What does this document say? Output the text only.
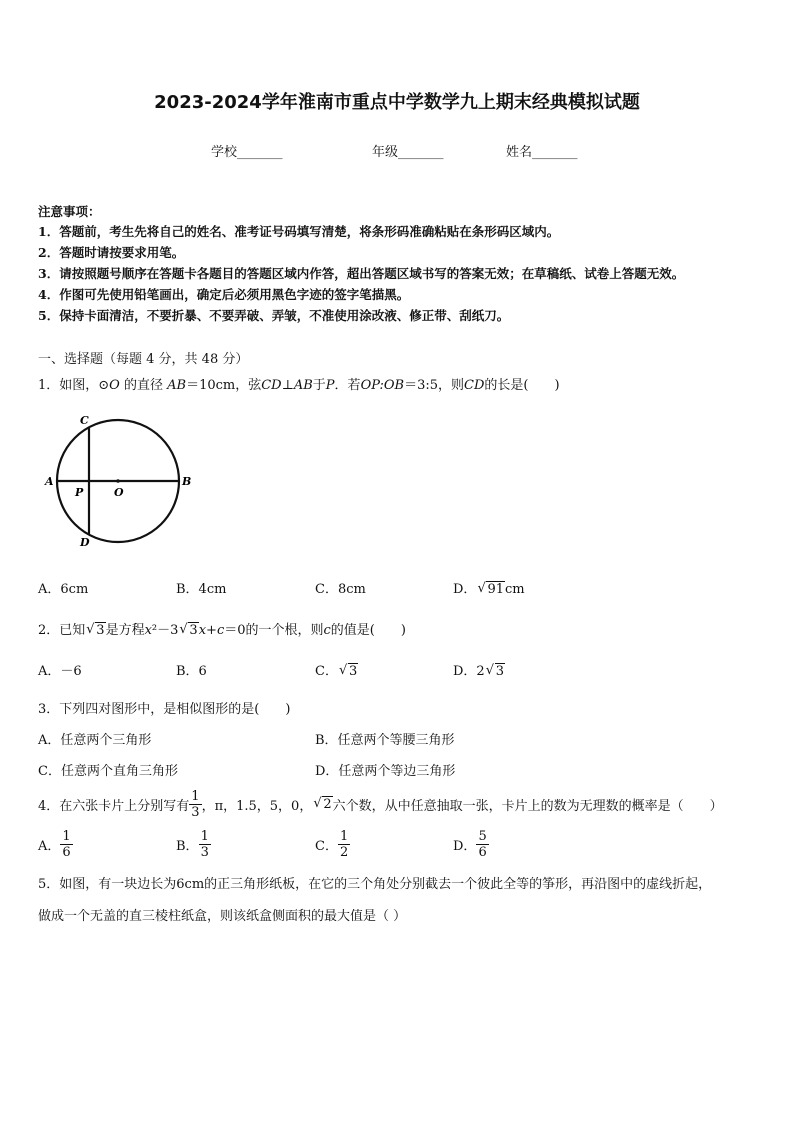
2023-2024学年淮南市重点中学数学九上期末经典模拟试题
学校_______	年级_______	姓名_______
注意事项：
1．答题前，考生先将自己的姓名、准考证号码填写清楚，将条形码准确粘贴在条形码区域内。
2．答题时请按要求用笔。
3．请按照题号顺序在答题卡各题目的答题区域内作答，超出答题区域书写的答案无效；在草稿纸、试卷上答题无效。
4．作图可先使用铅笔画出，确定后必须用黑色字迹的签字笔描黑。
5．保持卡面清洁，不要折暴、不要弄破、弄皱，不准使用涂改液、修正带、刮纸刀。
一、选择题（每题 4 分，共 48 分）
1．如图，⊙O 的直径 AB＝10cm，弦CD⊥AB于P．若OP:OB＝3:5，则CD的长是(　　)
A	B
C
D
O
P
A．6cm	B．4cm	C．8cm	D． √ 91cm
2．已知 √ 3是方程x²－3 √ 3x+c＝0的一个根，则c的值是(　　)
A．－6	B．6	C． √ 3	D．2 √ 3
3．下列四对图形中，是相似图形的是(　　)
A．任意两个三角形	B．任意两个等腰三角形
C．任意两个直角三角形	D．任意两个等边三角形
4．在六张卡片上分别写有 $\frac{1}{3}$ ，π，1.5，5，0， √ 2 六个数，从中任意抽取一张，卡片上的数为无理数的概率是（　　）
A． $\frac{1}{6}$	B． $\frac{1}{3}$	C． $\frac{1}{2}$	D． $\frac{5}{6}$
5．如图，有一块边长为6cm的正三角形纸板，在它的三个角处分别截去一个彼此全等的筝形，再沿图中的虚线折起，
做成一个无盖的直三棱柱纸盒，则该纸盒侧面积的最大值是（ ）
